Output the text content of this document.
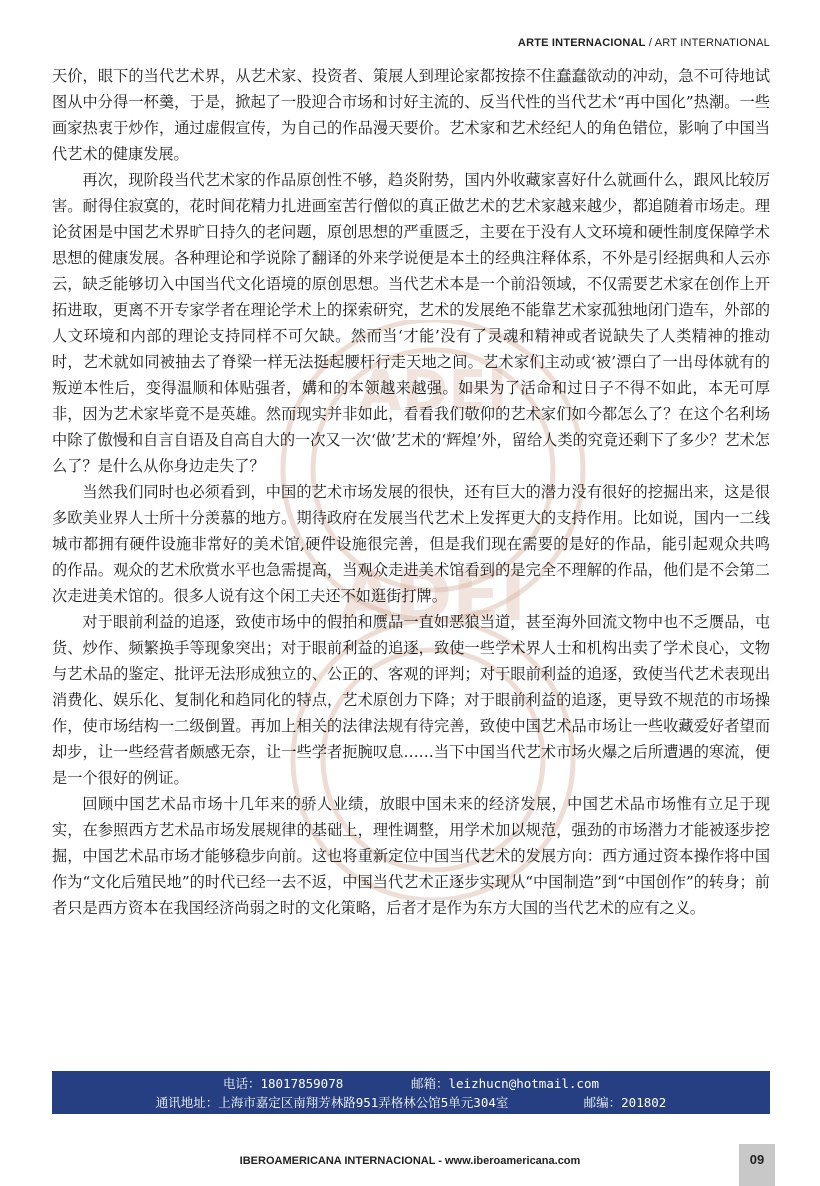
ARTE INTERNACIONAL / ART INTERNATIONAL
ADEI
ADEI

天价，眼下的当代艺术界，从艺术家、投资者、策展人到理论家都按捺不住蠢蠢欲动的冲动，急不可待地试图从中分得一杯羹，于是，掀起了一股迎合市场和讨好主流的、反当代性的当代艺术“再中国化”热潮。一些画家热衷于炒作，通过虚假宣传，为自己的作品漫天要价。艺术家和艺术经纪人的角色错位，影响了中国当代艺术的健康发展。

再次，现阶段当代艺术家的作品原创性不够，趋炎附势，国内外收藏家喜好什么就画什么，跟风比较厉害。耐得住寂寞的，花时间花精力扎进画室苦行僧似的真正做艺术的艺术家越来越少，都追随着市场走。理论贫困是中国艺术界旷日持久的老问题，原创思想的严重匮乏，主要在于没有人文环境和硬性制度保障学术思想的健康发展。各种理论和学说除了翻译的外来学说便是本土的经典注释体系，不外是引经据典和人云亦云，缺乏能够切入中国当代文化语境的原创思想。当代艺术本是一个前沿领域，不仅需要艺术家在创作上开拓进取，更离不开专家学者在理论学术上的探索研究，艺术的发展绝不能靠艺术家孤独地闭门造车，外部的人文环境和内部的理论支持同样不可欠缺。然而当‘才能’没有了灵魂和精神或者说缺失了人类精神的推动时，艺术就如同被抽去了脊梁一样无法挺起腰杆行走天地之间。艺术家们主动或‘被’漂白了一出母体就有的叛逆本性后，变得温顺和体贴强者，媾和的本领越来越强。如果为了活命和过日子不得不如此，本无可厚非，因为艺术家毕竟不是英雄。然而现实并非如此，看看我们敬仰的艺术家们如今都怎么了？在这个名利场中除了傲慢和自言自语及自高自大的一次又一次‘做’艺术的‘辉煌’外，留给人类的究竟还剩下了多少？艺术怎么了？是什么从你身边走失了？

当然我们同时也必须看到，中国的艺术市场发展的很快，还有巨大的潜力没有很好的挖掘出来，这是很多欧美业界人士所十分羡慕的地方。期待政府在发展当代艺术上发挥更大的支持作用。比如说，国内一二线城市都拥有硬件设施非常好的美术馆,硬件设施很完善，但是我们现在需要的是好的作品，能引起观众共鸣的作品。观众的艺术欣赏水平也急需提高，当观众走进美术馆看到的是完全不理解的作品，他们是不会第二次走进美术馆的。很多人说有这个闲工夫还不如逛街打牌。

对于眼前利益的追逐，致使市场中的假拍和赝品一直如恶狼当道，甚至海外回流文物中也不乏赝品，屯货、炒作、频繁换手等现象突出；对于眼前利益的追逐，致使一些学术界人士和机构出卖了学术良心，文物与艺术品的鉴定、批评无法形成独立的、公正的、客观的评判；对于眼前利益的追逐，致使当代艺术表现出消费化、娱乐化、复制化和趋同化的特点，艺术原创力下降；对于眼前利益的追逐，更导致不规范的市场操作，使市场结构一二级倒置。再加上相关的法律法规有待完善，致使中国艺术品市场让一些收藏爱好者望而却步，让一些经营者颇感无奈，让一些学者扼腕叹息……当下中国当代艺术市场火爆之后所遭遇的寒流，便是一个很好的例证。

回顾中国艺术品市场十几年来的骄人业绩，放眼中国未来的经济发展，中国艺术品市场惟有立足于现实，在参照西方艺术品市场发展规律的基础上，理性调整，用学术加以规范，强劲的市场潜力才能被逐步挖掘，中国艺术品市场才能够稳步向前。这也将重新定位中国当代艺术的发展方向：西方通过资本操作将中国作为“文化后殖民地”的时代已经一去不返，中国当代艺术正逐步实现从“中国制造”到“中国创作”的转身；前者只是西方资本在我国经济尚弱之时的文化策略，后者才是作为东方大国的当代艺术的应有之义。

电话：18017859078	邮箱：leizhucn@hotmail.com
通讯地址：上海市嘉定区南翔芳林路951弄格林公馆5单元304室	邮编：201802
IBEROAMERICANA INTERNACIONAL - www.iberoamericana.com	09
